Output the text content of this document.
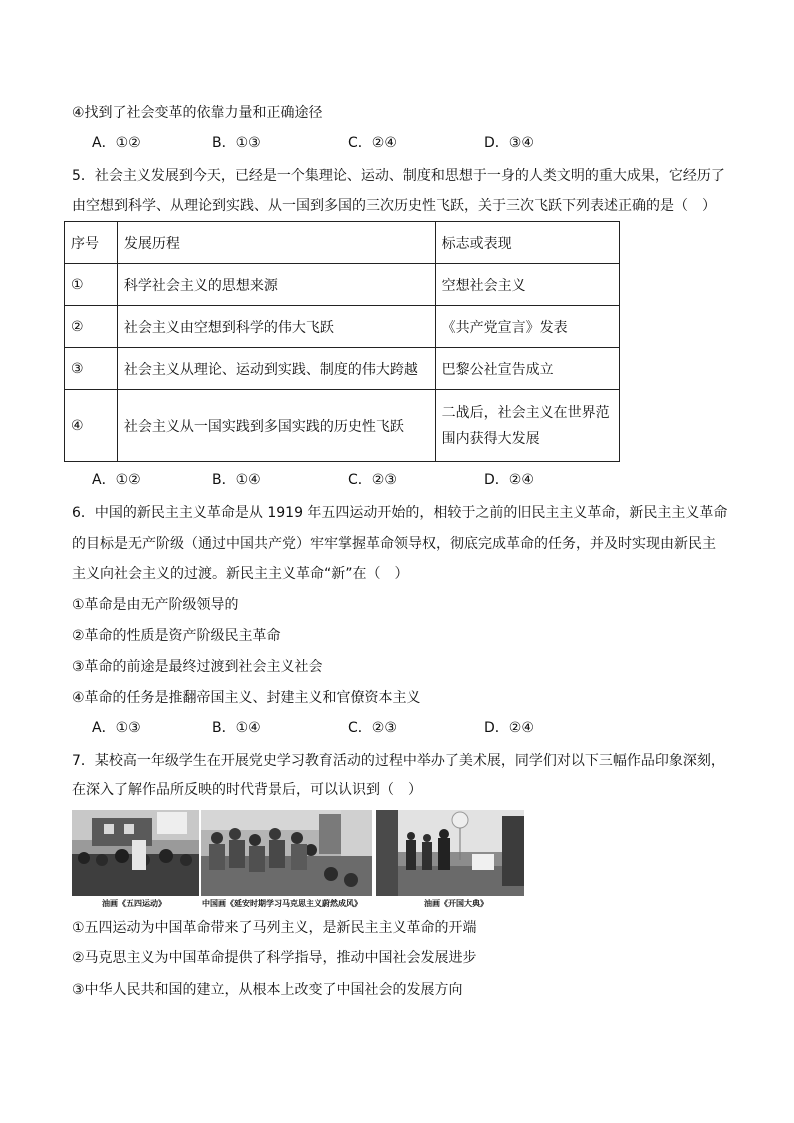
④找到了社会变革的依靠力量和正确途径
A．①②	B．①③	C．②④	D．③④
5．社会主义发展到今天，已经是一个集理论、运动、制度和思想于一身的人类文明的重大成果，它经历了
由空想到科学、从理论到实践、从一国到多国的三次历史性飞跃，关于三次飞跃下列表述正确的是（　）
序号	发展历程	标志或表现
①	科学社会主义的思想来源	空想社会主义
②	社会主义由空想到科学的伟大飞跃	《共产党宣言》发表
③	社会主义从理论、运动到实践、制度的伟大跨越	巴黎公社宣告成立
④	社会主义从一国实践到多国实践的历史性飞跃	二战后，社会主义在世界范
围内获得大发展
A．①②	B．①④	C．②③	D．②④
6．中国的新民主主义革命是从 1919 年五四运动开始的，相较于之前的旧民主主义革命，新民主主义革命
的目标是无产阶级（通过中国共产党）牢牢掌握革命领导权，彻底完成革命的任务，并及时实现由新民主
主义向社会主义的过渡。新民主主义革命“新”在（　）
①革命是由无产阶级领导的
②革命的性质是资产阶级民主革命
③革命的前途是最终过渡到社会主义社会
④革命的任务是推翻帝国主义、封建主义和官僚资本主义
A．①③	B．①④	C．②③	D．②④
7．某校高一年级学生在开展党史学习教育活动的过程中举办了美术展，同学们对以下三幅作品印象深刻，
在深入了解作品所反映的时代背景后，可以认识到（　）
油画《五四运动》	中国画《延安时期学习马克思主义蔚然成风》	油画《开国大典》
①五四运动为中国革命带来了马列主义，是新民主主义革命的开端
②马克思主义为中国革命提供了科学指导，推动中国社会发展进步
③中华人民共和国的建立，从根本上改变了中国社会的发展方向
